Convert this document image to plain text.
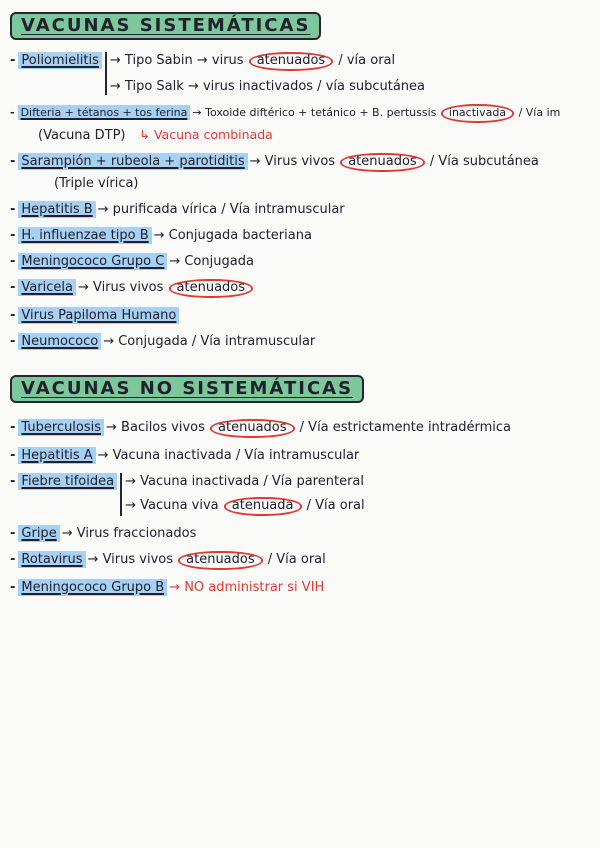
VACUNAS SISTEMÁTICAS
- Poliomielitis → Tipo Sabin → virus atenuados / vía oral
→ Tipo Salk → virus inactivados / vía subcutánea
- Difteria + tétanos + tos ferina → Toxoide diftérico + tetánico + B. pertussis inactivada / Vía im
(Vacuna DTP) ↳ Vacuna combinada
- Sarampión + rubeola + parotiditis → Virus vivos atenuados / Vía subcutánea
(Triple vírica)
- Hepatitis B → purificada vírica / Vía intramuscular
- H. influenzae tipo B → Conjugada bacteriana
- Meningococo Grupo C → Conjugada
- Varicela → Virus vivos atenuados
- Virus Papiloma Humano
- Neumococo → Conjugada / Vía intramuscular
VACUNAS NO SISTEMÁTICAS
- Tuberculosis → Bacilos vivos atenuados / Vía estrictamente intradérmica
- Hepatitis A → Vacuna inactivada / Vía intramuscular
- Fiebre tifoidea → Vacuna inactivada / Vía parenteral
→ Vacuna viva atenuada / Vía oral
- Gripe → Virus fraccionados
- Rotavirus → Virus vivos atenuados / Vía oral
- Meningococo Grupo B → NO administrar si VIH
